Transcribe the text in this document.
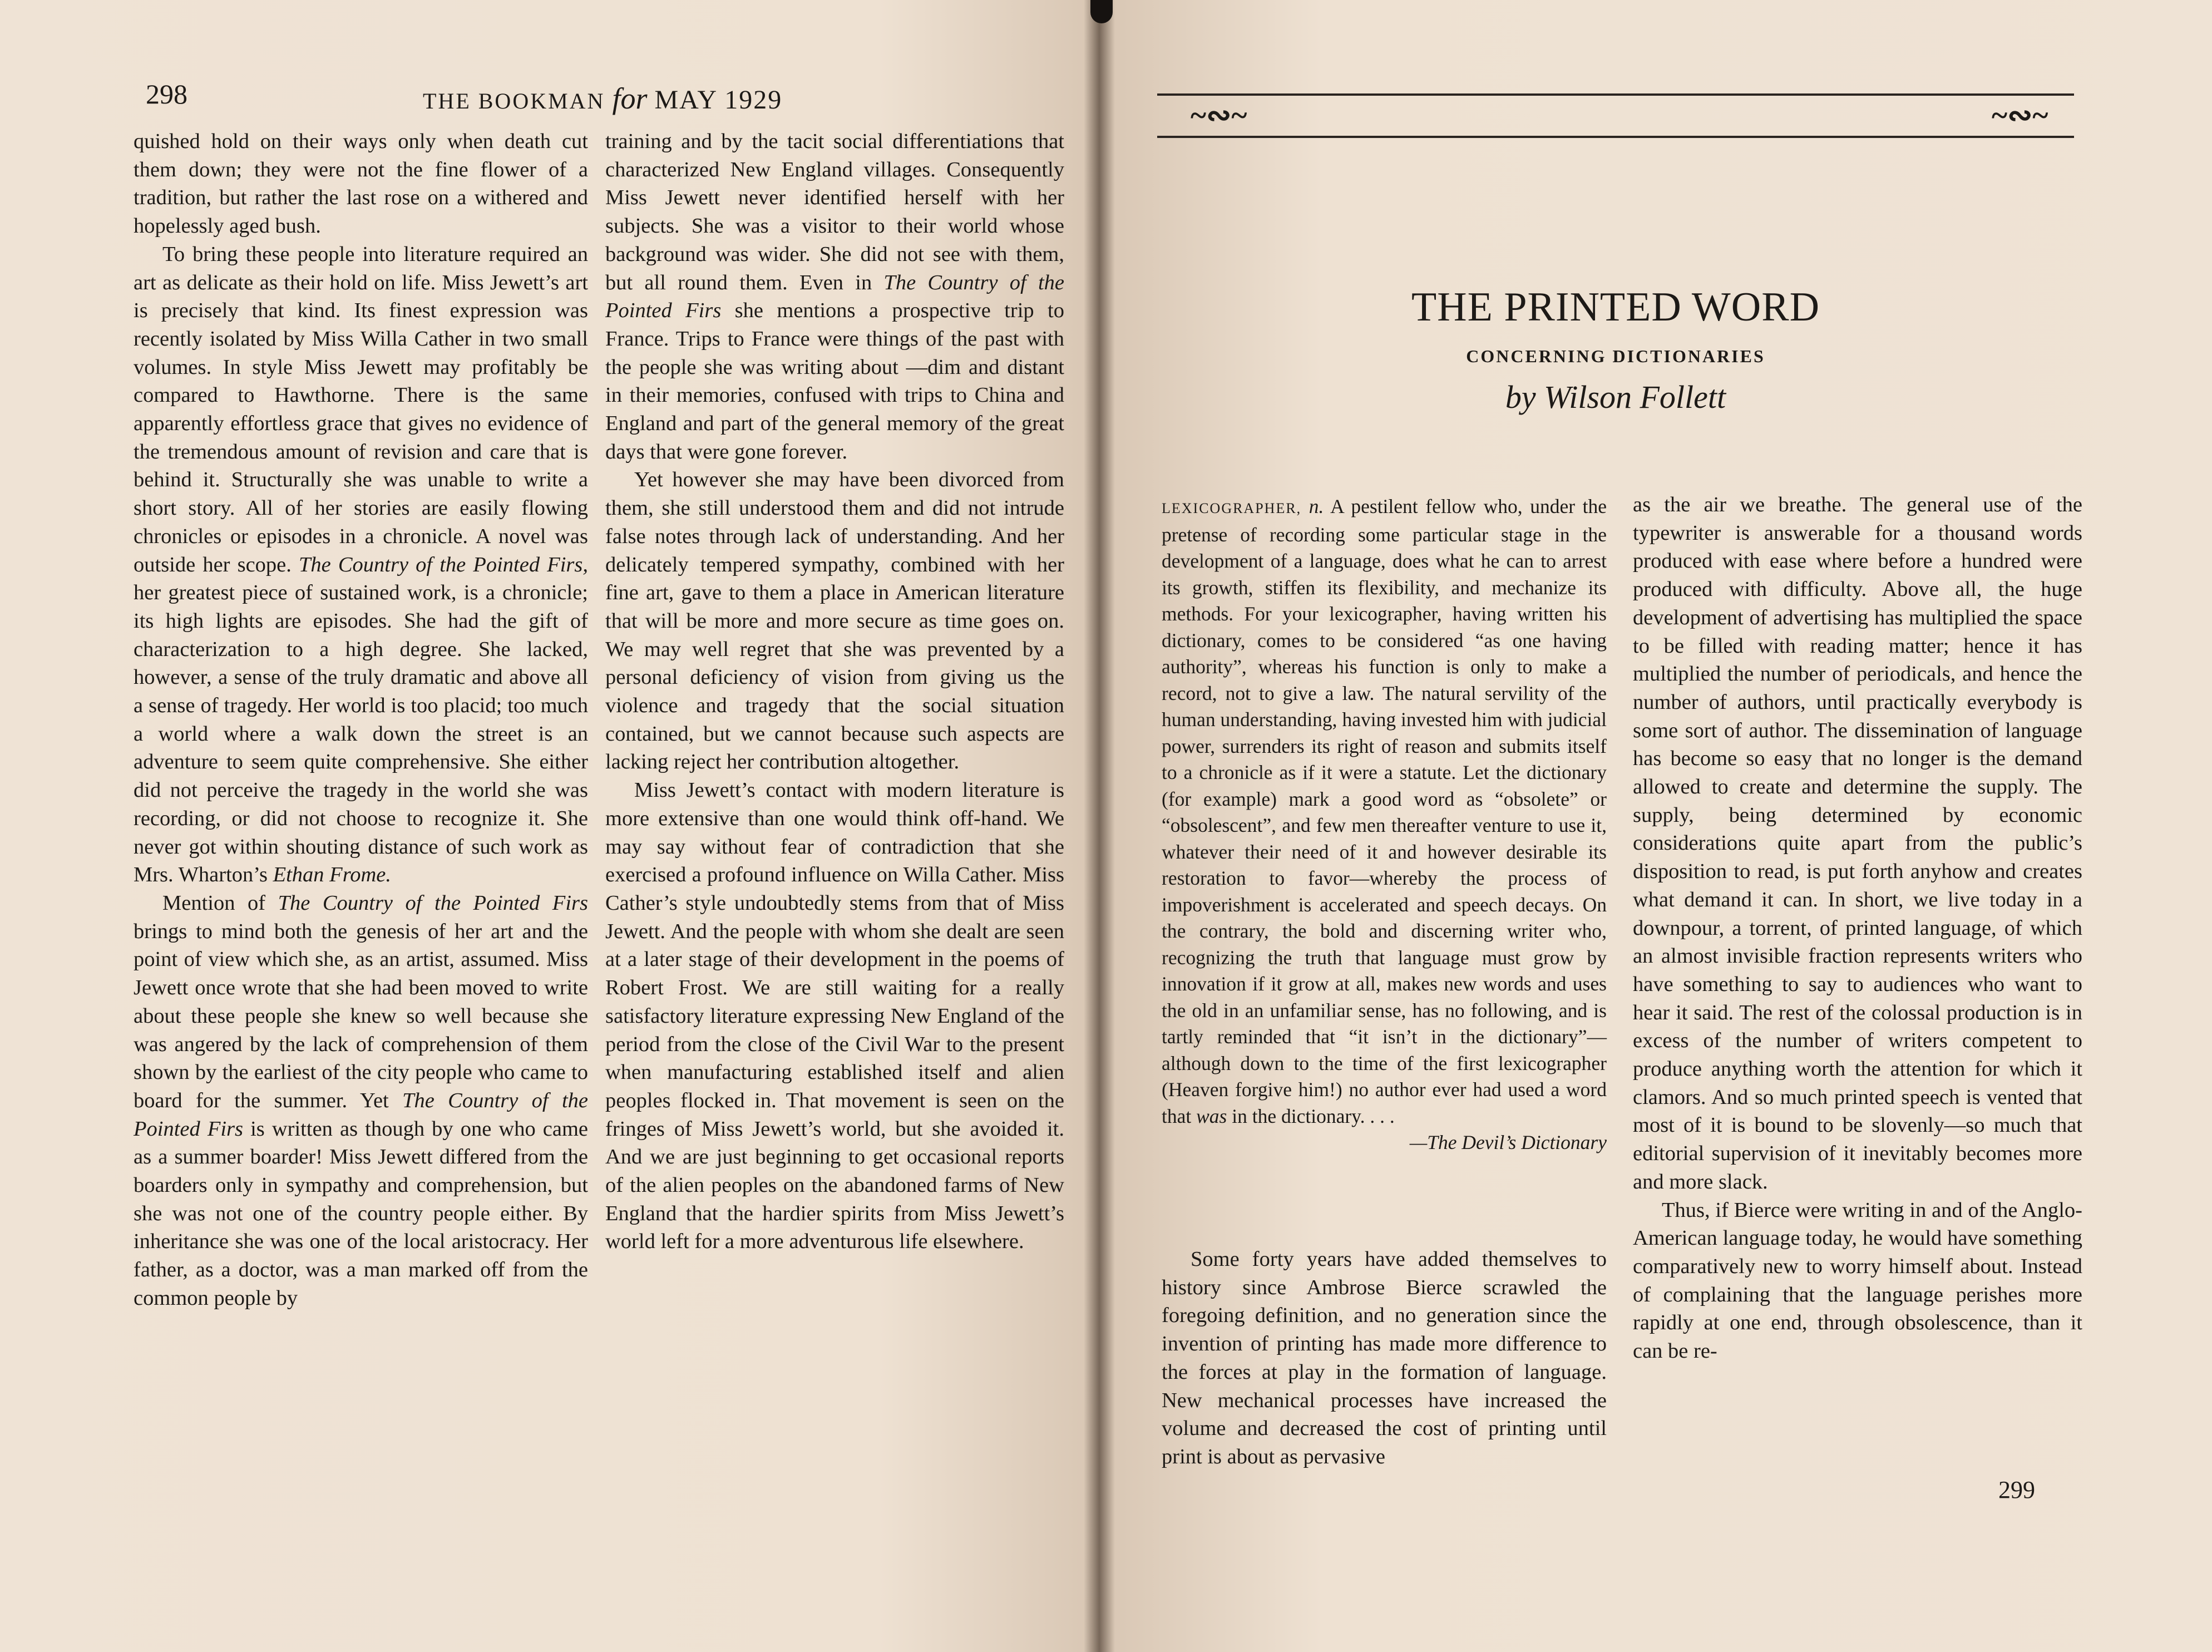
298	THE BOOKMAN for MAY 1929

quished hold on their ways only when death cut them down; they were not the fine flower of a tradition, but rather the last rose on a withered and hopelessly aged bush.

To bring these people into literature required an art as delicate as their hold on life. Miss Jewett’s art is precisely that kind. Its finest expression was recently isolated by Miss Willa Cather in two small volumes. In style Miss Jewett may profitably be compared to Hawthorne. There is the same apparently effortless grace that gives no evidence of the tremendous amount of revision and care that is behind it. Structurally she was unable to write a short story. All of her stories are easily flowing chronicles or episodes in a chronicle. A novel was outside her scope. The Country of the Pointed Firs, her greatest piece of sustained work, is a chronicle; its high lights are episodes. She had the gift of characterization to a high degree. She lacked, however, a sense of the truly dramatic and above all a sense of tragedy. Her world is too placid; too much a world where a walk down the street is an adventure to seem quite comprehensive. She either did not perceive the tragedy in the world she was recording, or did not choose to recognize it. She never got within shouting distance of such work as Mrs. Wharton’s Ethan Frome.

Mention of The Country of the Pointed Firs brings to mind both the genesis of her art and the point of view which she, as an artist, assumed. Miss Jewett once wrote that she had been moved to write about these people she knew so well because she was angered by the lack of comprehension of them shown by the earliest of the city people who came to board for the summer. Yet The Country of the Pointed Firs is written as though by one who came as a summer boarder! Miss Jewett differed from the boarders only in sympathy and comprehension, but she was not one of the country people either. By inheritance she was one of the local aristocracy. Her father, as a doctor, was a man marked off from the common people by

training and by the tacit social differentiations that characterized New England villages. Consequently Miss Jewett never identified herself with her subjects. She was a visitor to their world whose background was wider. She did not see with them, but all round them. Even in The Country of the Pointed Firs she mentions a prospective trip to France. Trips to France were things of the past with the people she was writing about —dim and distant in their memories, confused with trips to China and England and part of the general memory of the great days that were gone forever.

Yet however she may have been divorced from them, she still understood them and did not intrude false notes through lack of understanding. And her delicately tempered sympathy, combined with her fine art, gave to them a place in American literature that will be more and more secure as time goes on. We may well regret that she was prevented by a personal deficiency of vision from giving us the violence and tragedy that the social situation contained, but we cannot because such aspects are lacking reject her contribution altogether.

Miss Jewett’s contact with modern literature is more extensive than one would think off-hand. We may say without fear of contradiction that she exercised a profound influence on Willa Cather. Miss Cather’s style undoubtedly stems from that of Miss Jewett. And the people with whom she dealt are seen at a later stage of their development in the poems of Robert Frost. We are still waiting for a really satisfactory literature expressing New England of the period from the close of the Civil War to the present when manufacturing established itself and alien peoples flocked in. That movement is seen on the fringes of Miss Jewett’s world, but she avoided it. And we are just beginning to get occasional reports of the alien peoples on the abandoned farms of New England that the hardier spirits from Miss Jewett’s world left for a more adventurous life elsewhere.

~∾~	~∾~
THE PRINTED WORD
CONCERNING DICTIONARIES
by Wilson Follett

LEXICOGRAPHER, n. A pestilent fellow who, under the pretense of recording some particular stage in the development of a language, does what he can to arrest its growth, stiffen its flexibility, and mechanize its methods. For your lexicographer, having written his dictionary, comes to be considered “as one having authority”, whereas his function is only to make a record, not to give a law. The natural servility of the human understanding, having invested him with judicial power, surrenders its right of reason and submits itself to a chronicle as if it were a statute. Let the dictionary (for example) mark a good word as “obsolete” or “obsolescent”, and few men thereafter venture to use it, whatever their need of it and however desirable its restoration to favor—whereby the process of impoverishment is accelerated and speech decays. On the contrary, the bold and discerning writer who, recognizing the truth that language must grow by innovation if it grow at all, makes new words and uses the old in an unfamiliar sense, has no following, and is tartly reminded that “it isn’t in the dictionary”—although down to the time of the first lexicographer (Heaven forgive him!) no author ever had used a word that was in the dictionary. . . .

—The Devil’s Dictionary

Some forty years have added themselves to history since Ambrose Bierce scrawled the foregoing definition, and no generation since the invention of printing has made more difference to the forces at play in the formation of language. New mechanical processes have increased the volume and decreased the cost of printing until print is about as pervasive

as the air we breathe. The general use of the typewriter is answerable for a thousand words produced with ease where before a hundred were produced with difficulty. Above all, the huge development of advertising has multiplied the space to be filled with reading matter; hence it has multiplied the number of periodicals, and hence the number of authors, until practically everybody is some sort of author. The dissemination of language has become so easy that no longer is the demand allowed to create and determine the supply. The supply, being determined by economic considerations quite apart from the public’s disposition to read, is put forth anyhow and creates what demand it can. In short, we live today in a downpour, a torrent, of printed language, of which an almost invisible fraction represents writers who have something to say to audiences who want to hear it said. The rest of the colossal production is in excess of the number of writers competent to produce anything worth the attention for which it clamors. And so much printed speech is vented that most of it is bound to be slovenly—so much that editorial supervision of it inevitably becomes more and more slack.

Thus, if Bierce were writing in and of the Anglo-American language today, he would have something comparatively new to worry himself about. Instead of complaining that the language perishes more rapidly at one end, through obsolescence, than it can be re-

299
